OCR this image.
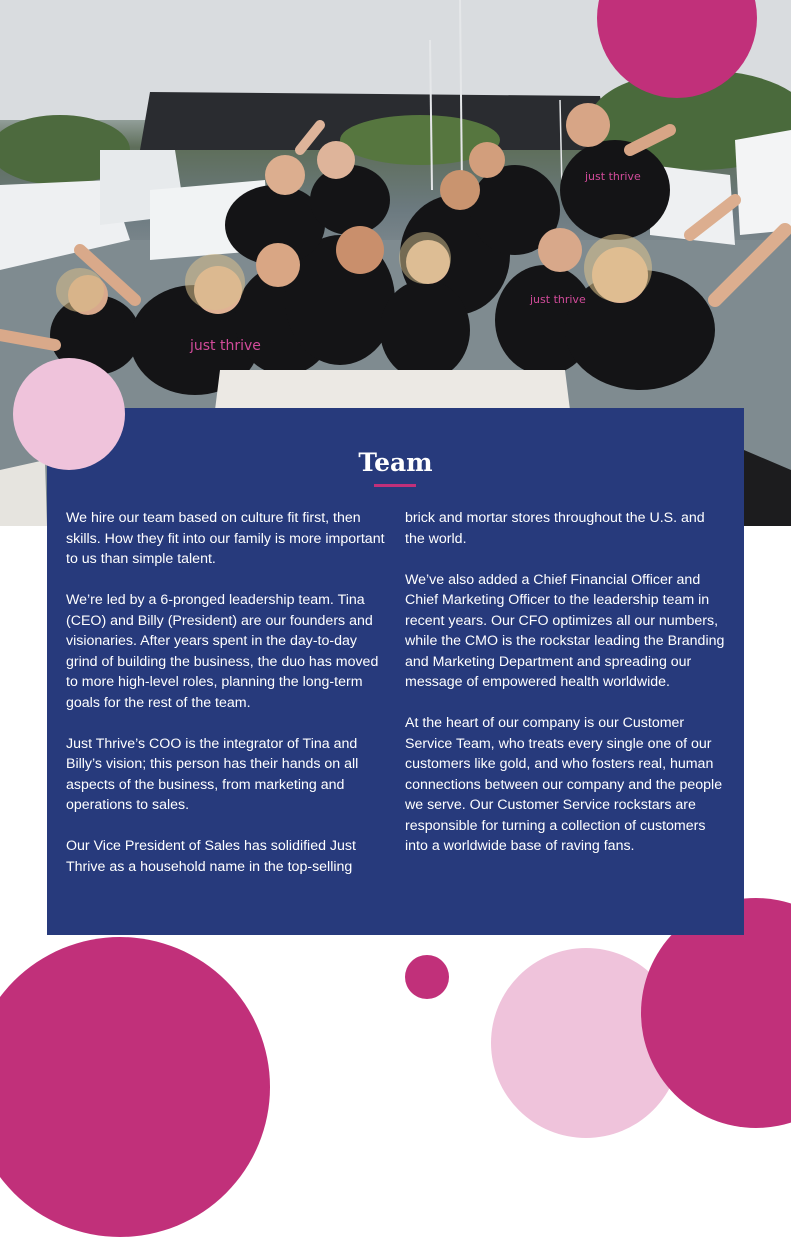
just thrive
just thrive
just thrive
Team

We hire our team based on culture fit first, then skills. How they fit into our family is more important to us than simple talent.

We’re led by a 6-pronged leadership team. Tina (CEO) and Billy (President) are our founders and visionaries. After years spent in the day-to-day grind of building the business, the duo has moved to more high-level roles, planning the long-term goals for the rest of the team.

Just Thrive’s COO is the integrator of Tina and Billy’s vision; this person has their hands on all aspects of the business, from marketing and operations to sales.

Our Vice President of Sales has solidified Just Thrive as a household name in the top-selling

brick and mortar stores throughout the U.S. and the world.

We’ve also added a Chief Financial Officer and Chief Marketing Officer to the leadership team in recent years. Our CFO optimizes all our numbers, while the CMO is the rockstar leading the Branding and Marketing Department and spreading our message of empowered health worldwide.

At the heart of our company is our Customer Service Team, who treats every single one of our customers like gold, and who fosters real, human connections between our company and the people we serve. Our Customer Service rockstars are responsible for turning a collection of customers into a worldwide base of raving fans.
